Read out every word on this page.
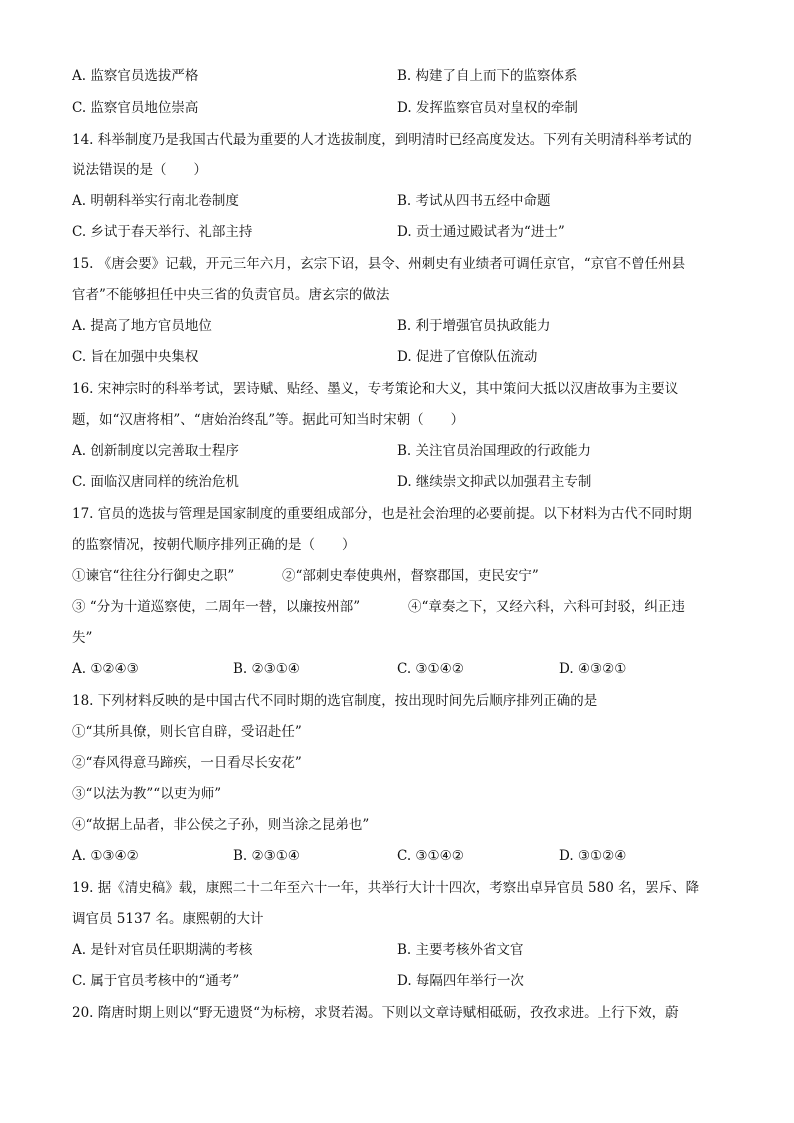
A. 监察官员选拔严格	B. 构建了自上而下的监察体系
C. 监察官员地位崇高	D. 发挥监察官员对皇权的牵制
14. 科举制度乃是我国古代最为重要的人才选拔制度，到明清时已经高度发达。下列有关明清科举考试的
说法错误的是（　　）
A. 明朝科举实行南北卷制度	B. 考试从四书五经中命题
C. 乡试于春天举行、礼部主持	D. 贡士通过殿试者为“进士”
15. 《唐会要》记载，开元三年六月，玄宗下诏，县令、州刺史有业绩者可调任京官，“京官不曾任州县
官者”不能够担任中央三省的负责官员。唐玄宗的做法
A. 提高了地方官员地位	B. 利于增强官员执政能力
C. 旨在加强中央集权	D. 促进了官僚队伍流动
16. 宋神宗时的科举考试，罢诗赋、贴经、墨义，专考策论和大义，其中策问大抵以汉唐故事为主要议
题，如“汉唐将相”、“唐始治终乱”等。据此可知当时宋朝（　　）
A. 创新制度以完善取士程序	B. 关注官员治国理政的行政能力
C. 面临汉唐同样的统治危机	D. 继续崇文抑武以加强君主专制
17. 官员的选拔与管理是国家制度的重要组成部分，也是社会治理的必要前提。以下材料为古代不同时期
的监察情况，按朝代顺序排列正确的是（　　）
①谏官“往往分行御史之职”	②“部刺史奉使典州，督察郡国，吏民安宁”
③ “分为十道巡察使，二周年一替，以廉按州部”	④“章奏之下，又经六科，六科可封驳，纠正违
失”
A. ①②④③	B. ②③①④	C. ③①④②	D. ④③②①
18. 下列材料反映的是中国古代不同时期的选官制度，按出现时间先后顺序排列正确的是
①“其所具僚，则长官自辟，受诏赴任”
②“春风得意马蹄疾，一日看尽长安花”
③“以法为教”“以吏为师”
④“故据上品者，非公侯之子孙，则当涂之昆弟也”
A. ①③④②	B. ②③①④	C. ③①④②	D. ③①②④
19. 据《清史稿》载，康熙二十二年至六十一年，共举行大计十四次，考察出卓异官员 580 名，罢斥、降
调官员 5137 名。康熙朝的大计
A. 是针对官员任职期满的考核	B. 主要考核外省文官
C. 属于官员考核中的“通考”	D. 每隔四年举行一次
20. 隋唐时期上则以“野无遗贤“为标榜，求贤若渴。下则以文章诗赋相砥砺，孜孜求进。上行下效，蔚
